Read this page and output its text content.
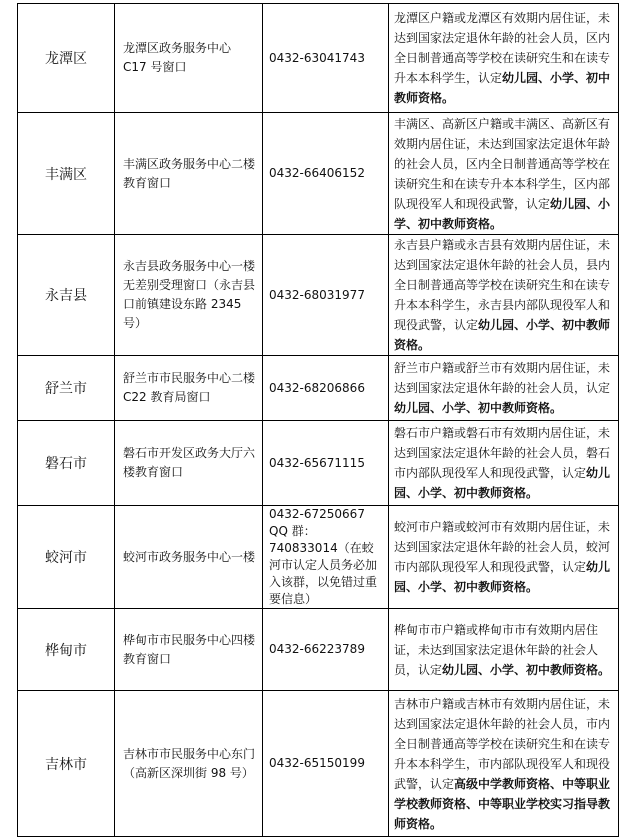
龙潭区	龙潭区政务服务中心 C17 号窗口	0432-63041743	龙潭区户籍或龙潭区有效期内居住证，未达到国家法定退休年龄的社会人员，区内全日制普通高等学校在读研究生和在读专升本本科学生，认定幼儿园、小学、初中教师资格。
丰满区	丰满区政务服务中心二楼教育窗口	0432-66406152	丰满区、高新区户籍或丰满区、高新区有效期内居住证，未达到国家法定退休年龄的社会人员，区内全日制普通高等学校在读研究生和在读专升本本科学生，区内部队现役军人和现役武警，认定幼儿园、小学、初中教师资格。
永吉县	永吉县政务服务中心一楼无差别受理窗口（永吉县口前镇建设东路 2345 号）	0432-68031977	永吉县户籍或永吉县有效期内居住证，未达到国家法定退休年龄的社会人员，县内全日制普通高等学校在读研究生和在读专升本本科学生，永吉县内部队现役军人和现役武警，认定幼儿园、小学、初中教师资格。
舒兰市	舒兰市市民服务中心二楼 C22 教育局窗口	0432-68206866	舒兰市户籍或舒兰市有效期内居住证，未达到国家法定退休年龄的社会人员，认定幼儿园、小学、初中教师资格。
磐石市	磐石市开发区政务大厅六楼教育窗口	0432-65671115	磐石市户籍或磐石市有效期内居住证，未达到国家法定退休年龄的社会人员，磐石市内部队现役军人和现役武警，认定幼儿园、小学、初中教师资格。
蛟河市	蛟河市政务服务中心一楼	0432-67250667 QQ 群：740833014（在蛟河市认定人员务必加入该群，以免错过重要信息）	蛟河市户籍或蛟河市有效期内居住证，未达到国家法定退休年龄的社会人员，蛟河市内部队现役军人和现役武警，认定幼儿园、小学、初中教师资格。
桦甸市	桦甸市市民服务中心四楼教育窗口	0432-66223789	桦甸市市户籍或桦甸市市有效期内居住证，未达到国家法定退休年龄的社会人员，认定幼儿园、小学、初中教师资格。
吉林市	吉林市市民服务中心东门（高新区深圳街 98 号）	0432-65150199	吉林市户籍或吉林市有效期内居住证，未达到国家法定退休年龄的社会人员，市内全日制普通高等学校在读研究生和在读专升本本科学生，市内部队现役军人和现役武警，认定高级中学教师资格、中等职业学校教师资格、中等职业学校实习指导教师资格。
